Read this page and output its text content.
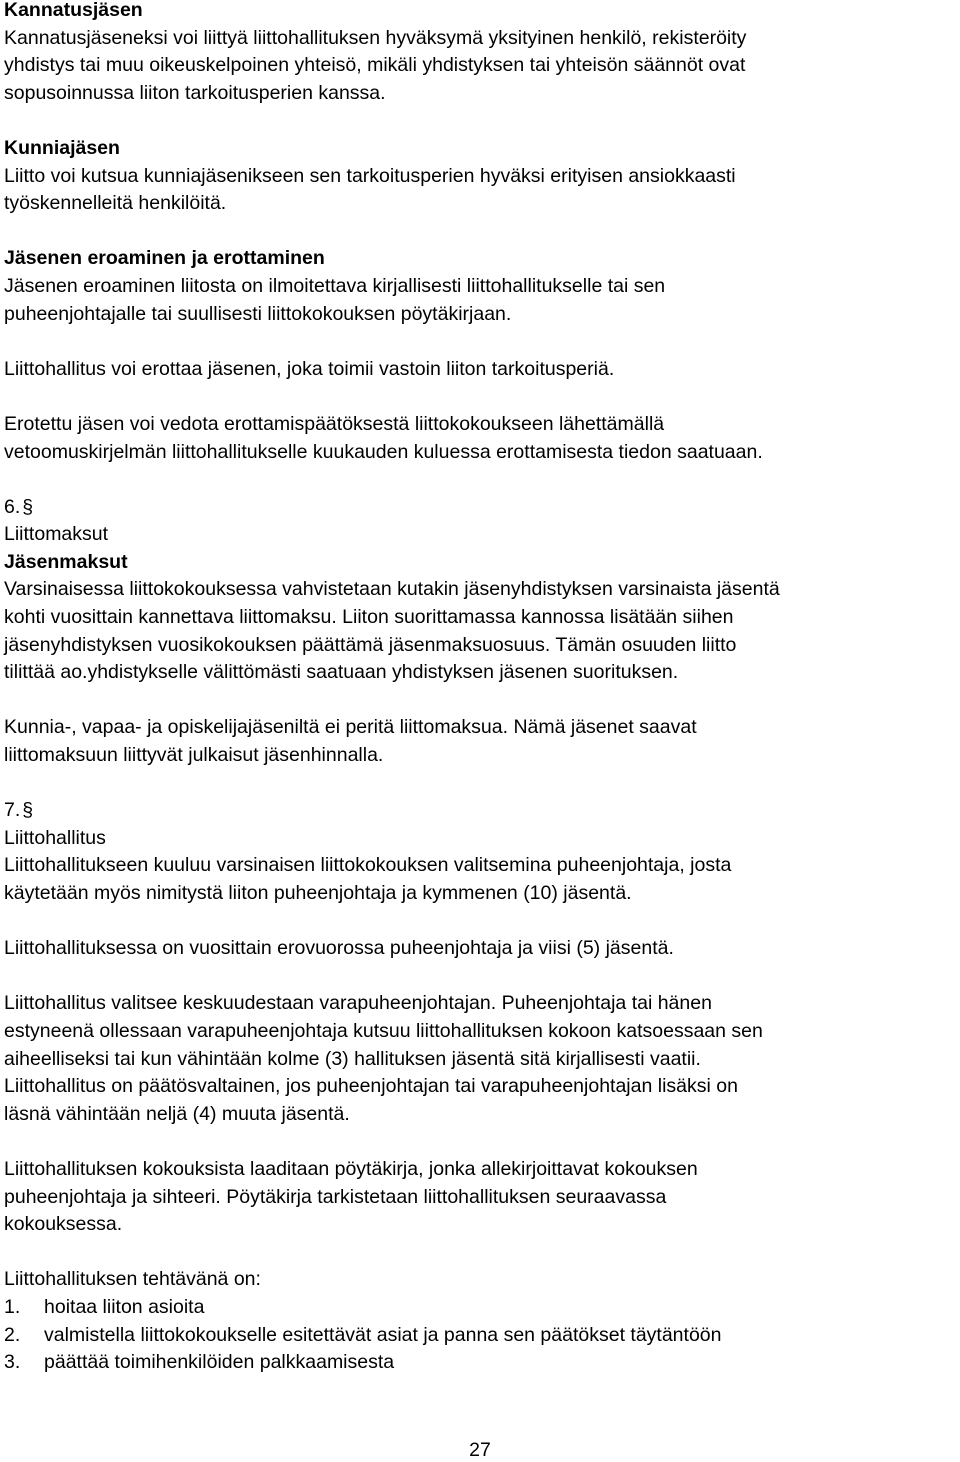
Kannatusjäsen
Kannatusjäseneksi voi liittyä liittohallituksen hyväksymä yksityinen henkilö, rekisteröity
yhdistys tai muu oikeuskelpoinen yhteisö, mikäli yhdistyksen tai yhteisön säännöt ovat
sopusoinnussa liiton tarkoitusperien kanssa.
Kunniajäsen
Liitto voi kutsua kunniajäsenikseen sen tarkoitusperien hyväksi erityisen ansiokkaasti
työskennelleitä henkilöitä.
Jäsenen eroaminen ja erottaminen
Jäsenen eroaminen liitosta on ilmoitettava kirjallisesti liittohallitukselle tai sen
puheenjohtajalle tai suullisesti liittokokouksen pöytäkirjaan.
Liittohallitus voi erottaa jäsenen, joka toimii vastoin liiton tarkoitusperiä.
Erotettu jäsen voi vedota erottamispäätöksestä liittokokoukseen lähettämällä
vetoomuskirjelmän liittohallitukselle kuukauden kuluessa erottamisesta tiedon saatuaan.
6. §
Liittomaksut
Jäsenmaksut
Varsinaisessa liittokokouksessa vahvistetaan kutakin jäsenyhdistyksen varsinaista jäsentä
kohti vuosittain kannettava liittomaksu. Liiton suorittamassa kannossa lisätään siihen
jäsenyhdistyksen vuosikokouksen päättämä jäsenmaksuosuus. Tämän osuuden liitto
tilittää ao.yhdistykselle välittömästi saatuaan yhdistyksen jäsenen suorituksen.
Kunnia-, vapaa- ja opiskelijajäseniltä ei peritä liittomaksua. Nämä jäsenet saavat
liittomaksuun liittyvät julkaisut jäsenhinnalla.
7. §
Liittohallitus
Liittohallitukseen kuuluu varsinaisen liittokokouksen valitsemina puheenjohtaja, josta
käytetään myös nimitystä liiton puheenjohtaja ja kymmenen (10) jäsentä.
Liittohallituksessa on vuosittain erovuorossa puheenjohtaja ja viisi (5) jäsentä.
Liittohallitus valitsee keskuudestaan varapuheenjohtajan. Puheenjohtaja tai hänen
estyneenä ollessaan varapuheenjohtaja kutsuu liittohallituksen kokoon katsoessaan sen
aiheelliseksi tai kun vähintään kolme (3) hallituksen jäsentä sitä kirjallisesti vaatii.
Liittohallitus on päätösvaltainen, jos puheenjohtajan tai varapuheenjohtajan lisäksi on
läsnä vähintään neljä (4) muuta jäsentä.
Liittohallituksen kokouksista laaditaan pöytäkirja, jonka allekirjoittavat kokouksen
puheenjohtaja ja sihteeri. Pöytäkirja tarkistetaan liittohallituksen seuraavassa
kokouksessa.
Liittohallituksen tehtävänä on:
1. hoitaa liiton asioita
2. valmistella liittokokoukselle esitettävät asiat ja panna sen päätökset täytäntöön
3. päättää toimihenkilöiden palkkaamisesta
27
